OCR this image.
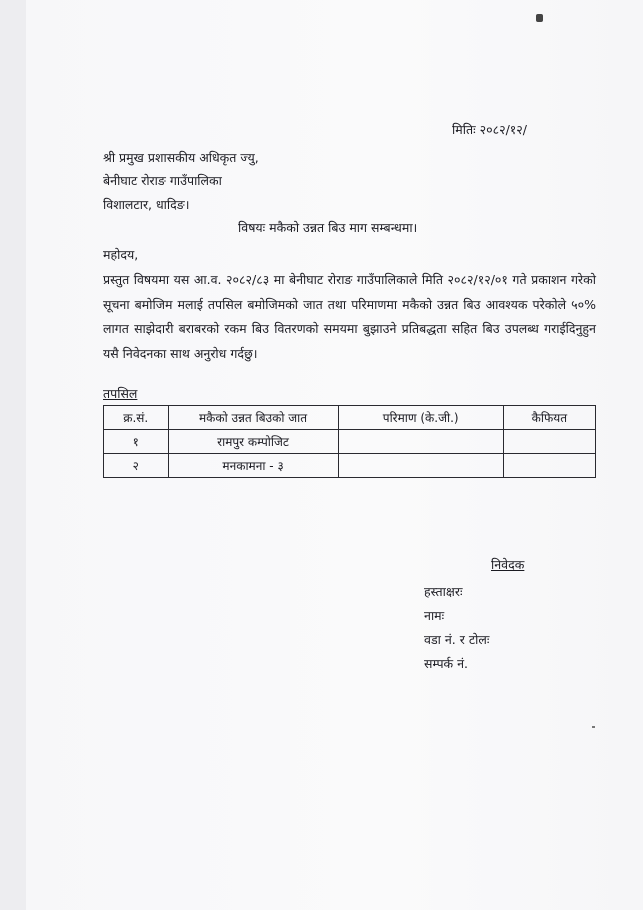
मितिः २०८२/१२/
श्री प्रमुख प्रशासकीय अधिकृत ज्यु,
बेनीघाट रोराङ गाउँपालिका
विशालटार, धादिङ।
विषयः मकैको उन्नत बिउ माग सम्बन्धमा।
महोदय,
प्रस्तुत विषयमा यस आ.व. २०८२/८३ मा बेनीघाट रोराङ गाउँपालिकाले मिति २०८२/१२/०१ गते प्रकाशन गरेको सूचना बमोजिम मलाई तपसिल बमोजिमको जात तथा परिमाणमा मकैको उन्नत बिउ आवश्यक परेकोले ५०% लागत साझेदारी बराबरको रकम बिउ वितरणको समयमा बुझाउने प्रतिबद्धता सहित बिउ उपलब्ध गराईदिनुहुन यसै निवेदनका साथ अनुरोध गर्दछु।
तपसिल
क्र.सं.	मकैको उन्नत बिउको जात	परिमाण (के.जी.)	कैफियत
१	रामपुर कम्पोजिट		
२	मनकामना - ३		
निवेदक
हस्ताक्षरः
नामः
वडा नं. र टोलः
सम्पर्क नं.
